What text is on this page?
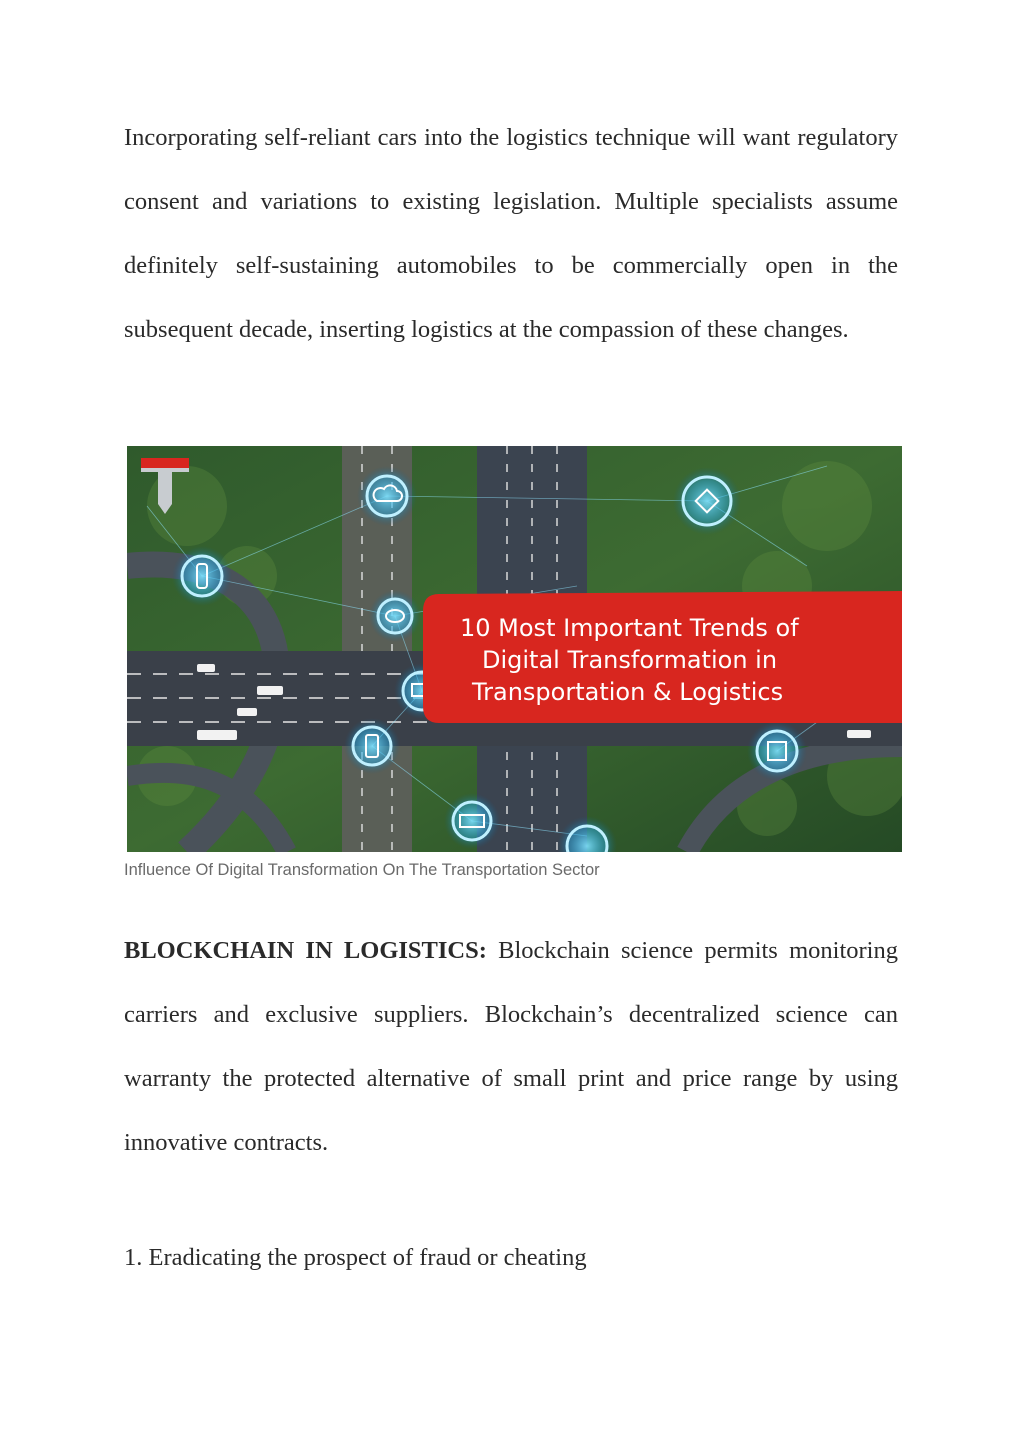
Incorporating self-reliant cars into the logistics technique will want regulatory consent and variations to existing legislation. Multiple specialists assume definitely self-sustaining automobiles to be commercially open in the subsequent decade, inserting logistics at the compassion of these changes.

10 Most Important Trends of
Digital Transformation in
Transportation & Logistics
Influence Of Digital Transformation On The Transportation Sector

BLOCKCHAIN IN LOGISTICS: Blockchain science permits monitoring carriers and exclusive suppliers. Blockchain’s decentralized science can warranty the protected alternative of small print and price range by using innovative contracts.

1. Eradicating the prospect of fraud or cheating
